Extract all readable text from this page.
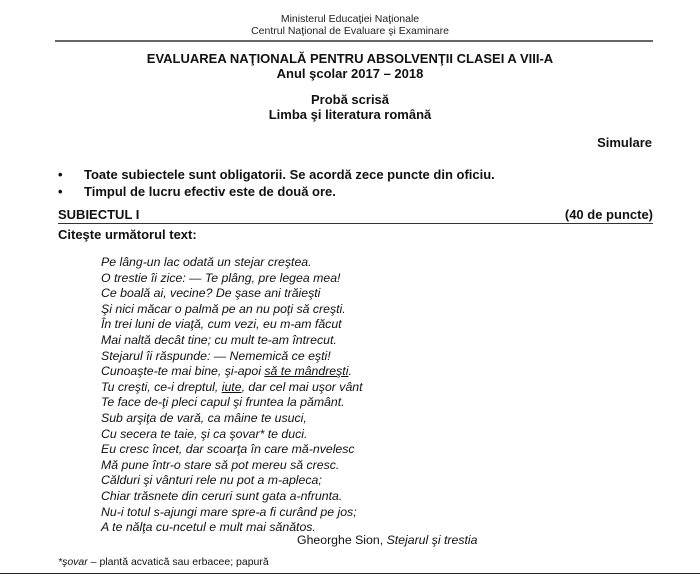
Ministerul Educaţiei Naţionale
Centrul Naţional de Evaluare şi Examinare
EVALUAREA NAŢIONALĂ PENTRU ABSOLVENŢII CLASEI A VIII-A
Anul şcolar 2017 – 2018
Probă scrisă
Limba şi literatura română
Simulare
•	Toate subiectele sunt obligatorii. Se acordă zece puncte din oficiu.
•	Timpul de lucru efectiv este de două ore.
SUBIECTUL I	(40 de puncte)
Citeşte următorul text:
Pe lâng-un lac odată un stejar creştea.
O trestie îi zice: — Te plâng, pre legea mea!
Ce boală ai, vecine? De şase ani trăieşti
Şi nici măcar o palmă pe an nu poţi să creşti.
În trei luni de viaţă, cum vezi, eu m-am făcut
Mai naltă decât tine; cu mult te-am întrecut.
Stejarul îi răspunde: — Nememică ce eşti!
Cunoaşte-te mai bine, şi-apoi să te mândreşti.
Tu creşti, ce-i dreptul, iute, dar cel mai uşor vânt
Te face de-ţi pleci capul şi fruntea la pământ.
Sub arşiţa de vară, ca mâine te usuci,
Cu secera te taie, şi ca şovar* te duci.
Eu cresc încet, dar scoarţa în care mă-nvelesc
Mă pune într-o stare să pot mereu să cresc.
Călduri şi vânturi rele nu pot a m-apleca;
Chiar trăsnete din ceruri sunt gata a-nfrunta.
Nu-i totul s-ajungi mare spre-a fi curând pe jos;
A te nălţa cu-ncetul e mult mai sănătos.
Gheorghe Sion, Stejarul şi trestia
*şovar – plantă acvatică sau erbacee; papură
